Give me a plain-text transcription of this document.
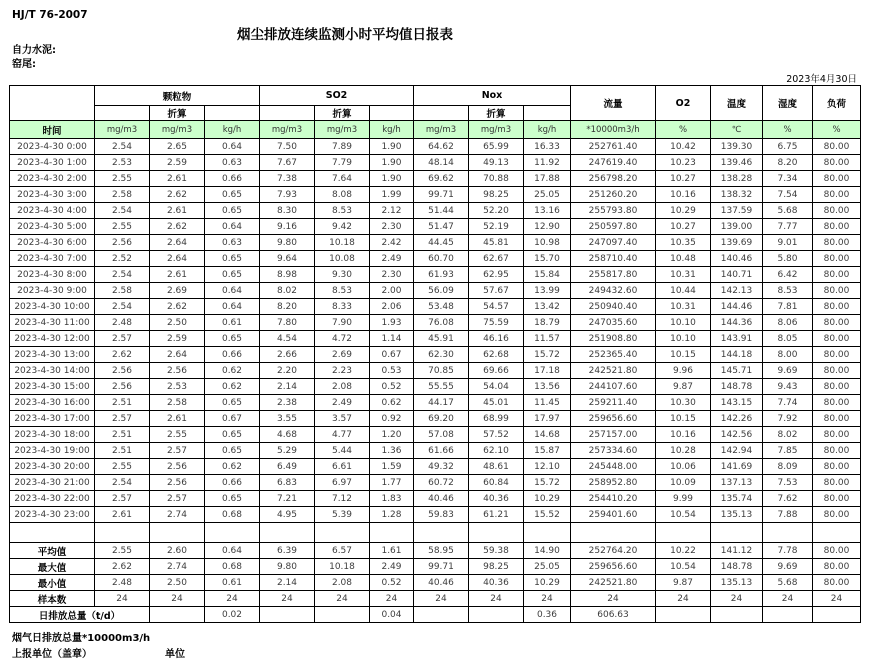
HJ/T 76-2007
烟尘排放连续监测小时平均值日报表
自力水泥:
窑尾:
2023年4月30日
	颗粒物			SO2			Nox			流量	O2	温度	湿度	负荷
		折算			折算			折算						
时间	mg/m3	mg/m3	kg/h	mg/m3	mg/m3	kg/h	mg/m3	mg/m3	kg/h	*10000m3/h	%	℃	%	%
2023-4-30 0:00	2.54	2.65	0.64	7.50	7.89	1.90	64.62	65.99	16.33	252761.40	10.42	139.30	6.75	80.00
2023-4-30 1:00	2.53	2.59	0.63	7.67	7.79	1.90	48.14	49.13	11.92	247619.40	10.23	139.46	8.20	80.00
2023-4-30 2:00	2.55	2.61	0.66	7.38	7.64	1.90	69.62	70.88	17.88	256798.20	10.27	138.28	7.34	80.00
2023-4-30 3:00	2.58	2.62	0.65	7.93	8.08	1.99	99.71	98.25	25.05	251260.20	10.16	138.32	7.54	80.00
2023-4-30 4:00	2.54	2.61	0.65	8.30	8.53	2.12	51.44	52.20	13.16	255793.80	10.29	137.59	5.68	80.00
2023-4-30 5:00	2.55	2.62	0.64	9.16	9.42	2.30	51.47	52.19	12.90	250597.80	10.27	139.00	7.77	80.00
2023-4-30 6:00	2.56	2.64	0.63	9.80	10.18	2.42	44.45	45.81	10.98	247097.40	10.35	139.69	9.01	80.00
2023-4-30 7:00	2.52	2.64	0.65	9.64	10.08	2.49	60.70	62.67	15.70	258710.40	10.48	140.46	5.80	80.00
2023-4-30 8:00	2.54	2.61	0.65	8.98	9.30	2.30	61.93	62.95	15.84	255817.80	10.31	140.71	6.42	80.00
2023-4-30 9:00	2.58	2.69	0.64	8.02	8.53	2.00	56.09	57.67	13.99	249432.60	10.44	142.13	8.53	80.00
2023-4-30 10:00	2.54	2.62	0.64	8.20	8.33	2.06	53.48	54.57	13.42	250940.40	10.31	144.46	7.81	80.00
2023-4-30 11:00	2.48	2.50	0.61	7.80	7.90	1.93	76.08	75.59	18.79	247035.60	10.10	144.36	8.06	80.00
2023-4-30 12:00	2.57	2.59	0.65	4.54	4.72	1.14	45.91	46.16	11.57	251908.80	10.10	143.91	8.05	80.00
2023-4-30 13:00	2.62	2.64	0.66	2.66	2.69	0.67	62.30	62.68	15.72	252365.40	10.15	144.18	8.00	80.00
2023-4-30 14:00	2.56	2.56	0.62	2.20	2.23	0.53	70.85	69.66	17.18	242521.80	9.96	145.71	9.69	80.00
2023-4-30 15:00	2.56	2.53	0.62	2.14	2.08	0.52	55.55	54.04	13.56	244107.60	9.87	148.78	9.43	80.00
2023-4-30 16:00	2.51	2.58	0.65	2.38	2.49	0.62	44.17	45.01	11.45	259211.40	10.30	143.15	7.74	80.00
2023-4-30 17:00	2.57	2.61	0.67	3.55	3.57	0.92	69.20	68.99	17.97	259656.60	10.15	142.26	7.92	80.00
2023-4-30 18:00	2.51	2.55	0.65	4.68	4.77	1.20	57.08	57.52	14.68	257157.00	10.16	142.56	8.02	80.00
2023-4-30 19:00	2.51	2.57	0.65	5.29	5.44	1.36	61.66	62.10	15.87	257334.60	10.28	142.94	7.85	80.00
2023-4-30 20:00	2.55	2.56	0.62	6.49	6.61	1.59	49.32	48.61	12.10	245448.00	10.06	141.69	8.09	80.00
2023-4-30 21:00	2.54	2.56	0.66	6.83	6.97	1.77	60.72	60.84	15.72	258952.80	10.09	137.13	7.53	80.00
2023-4-30 22:00	2.57	2.57	0.65	7.21	7.12	1.83	40.46	40.36	10.29	254410.20	9.99	135.74	7.62	80.00
2023-4-30 23:00	2.61	2.74	0.68	4.95	5.39	1.28	59.83	61.21	15.52	259401.60	10.54	135.13	7.88	80.00

平均值	2.55	2.60	0.64	6.39	6.57	1.61	58.95	59.38	14.90	252764.20	10.22	141.12	7.78	80.00
最大值	2.62	2.74	0.68	9.80	10.18	2.49	99.71	98.25	25.05	259656.60	10.54	148.78	9.69	80.00
最小值	2.48	2.50	0.61	2.14	2.08	0.52	40.46	40.36	10.29	242521.80	9.87	135.13	5.68	80.00
样本数	24	24	24	24	24	24	24	24	24	24	24	24	24	24
日排放总量（t/d）			0.02			0.04			0.36	606.63				
烟气日排放总量*10000m3/h
上报单位（盖章）	单位
